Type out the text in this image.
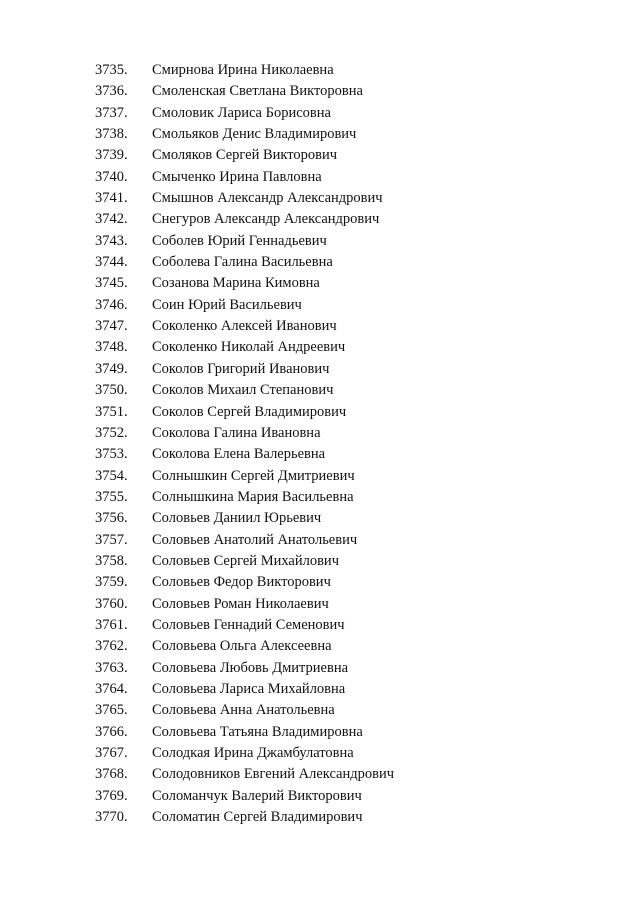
3735. Смирнова Ирина Николаевна
3736. Смоленская Светлана Викторовна
3737. Смоловик Лариса Борисовна
3738. Смольяков Денис Владимирович
3739. Смоляков Сергей Викторович
3740. Смыченко Ирина Павловна
3741. Смышнов Александр Александрович
3742. Снегуров Александр Александрович
3743. Соболев Юрий Геннадьевич
3744. Соболева Галина Васильевна
3745. Созанова Марина Кимовна
3746. Соин Юрий Васильевич
3747. Соколенко Алексей Иванович
3748. Соколенко Николай Андреевич
3749. Соколов Григорий Иванович
3750. Соколов Михаил Степанович
3751. Соколов Сергей Владимирович
3752. Соколова Галина Ивановна
3753. Соколова Елена Валерьевна
3754. Солнышкин Сергей Дмитриевич
3755. Солнышкина Мария Васильевна
3756. Соловьев Даниил Юрьевич
3757. Соловьев Анатолий Анатольевич
3758. Соловьев Сергей Михайлович
3759. Соловьев Федор Викторович
3760. Соловьев Роман Николаевич
3761. Соловьев Геннадий Семенович
3762. Соловьева Ольга Алексеевна
3763. Соловьева Любовь Дмитриевна
3764. Соловьева Лариса Михайловна
3765. Соловьева Анна Анатольевна
3766. Соловьева Татьяна Владимировна
3767. Солодкая Ирина Джамбулатовна
3768. Солодовников Евгений Александрович
3769. Соломанчук Валерий Викторович
3770. Соломатин Сергей Владимирович
